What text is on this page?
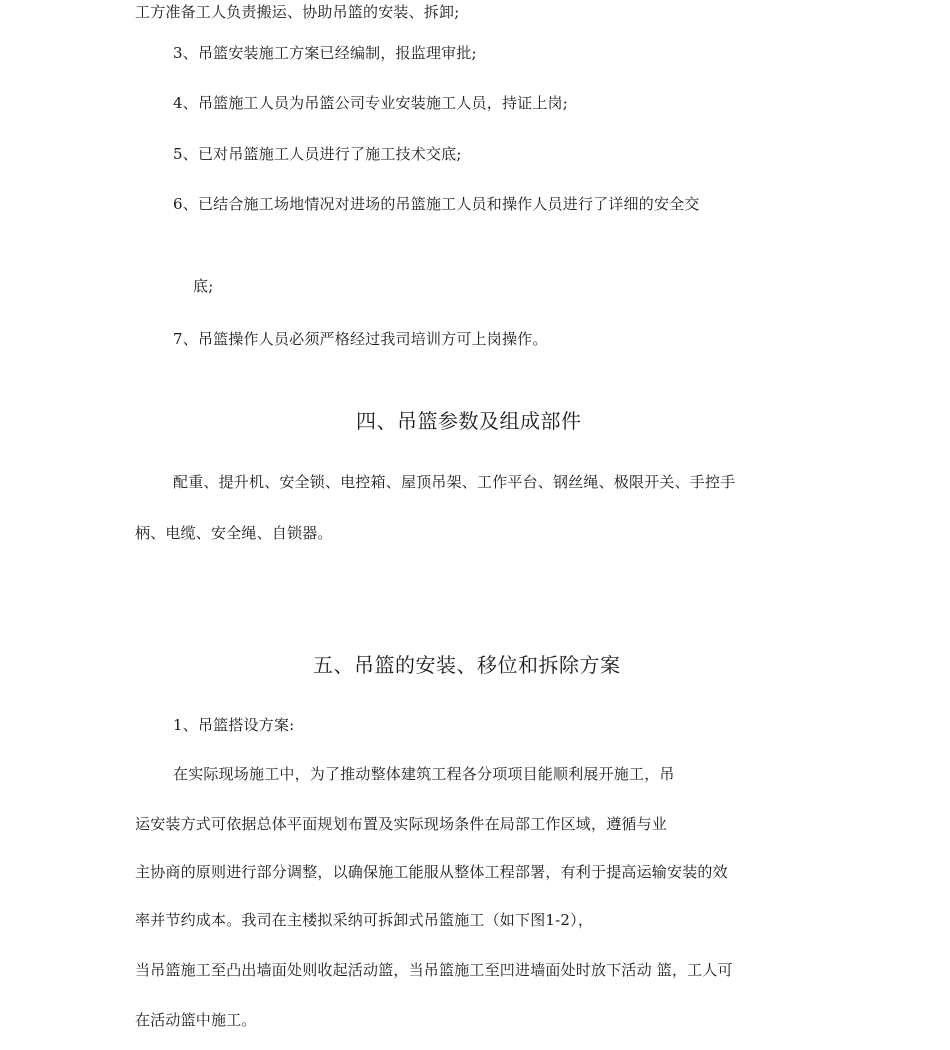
工方准备工人负责搬运、协助吊篮的安装、拆卸;
3、吊篮安装施工方案已经编制，报监理审批;
4、吊篮施工人员为吊篮公司专业安装施工人员，持证上岗;
5、已对吊篮施工人员进行了施工技术交底;
6、已结合施工场地情况对进场的吊篮施工人员和操作人员进行了详细的安全交
底;
7、吊篮操作人员必须严格经过我司培训方可上岗操作。
四、吊篮参数及组成部件
配重、提升机、安全锁、电控箱、屋顶吊架、工作平台、钢丝绳、极限开关、手控手
柄、电缆、安全绳、自锁器。
五、吊篮的安装、移位和拆除方案
1、吊篮搭设方案:
在实际现场施工中，为了推动整体建筑工程各分项项目能顺利展开施工，吊
运安装方式可依据总体平面规划布置及实际现场条件在局部工作区域，遵循与业
主协商的原则进行部分调整，以确保施工能服从整体工程部署，有利于提高运输安装的效
率并节约成本。我司在主楼拟采纳可拆卸式吊篮施工（如下图1-2），
当吊篮施工至凸出墙面处则收起活动篮，当吊篮施工至凹进墙面处时放下活动 篮，工人可
在活动篮中施工。
